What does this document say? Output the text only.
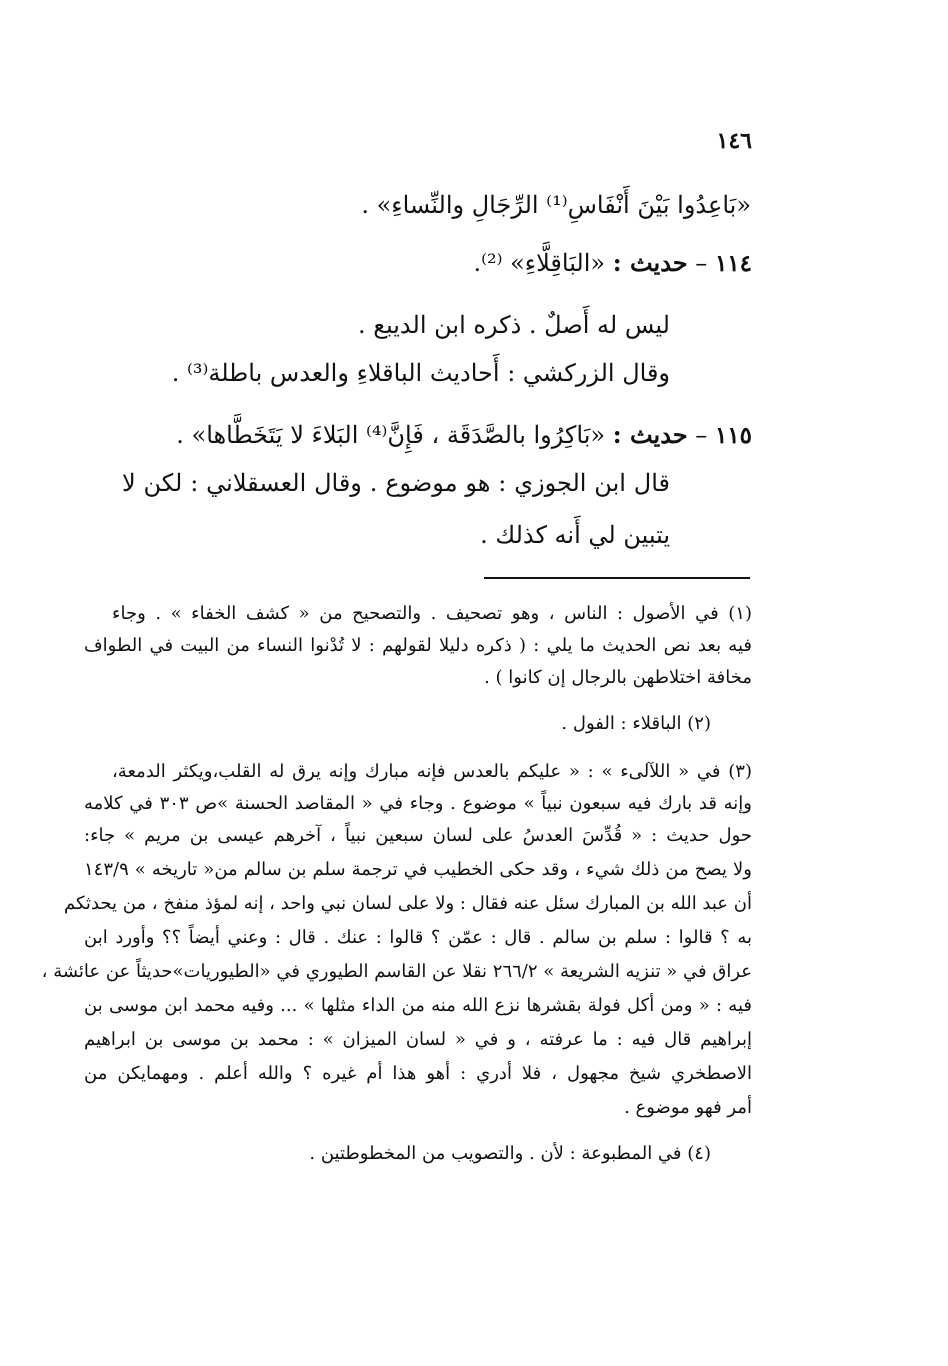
١٤٦
«بَاعِدُوا بَيْنَ أَنْفَاسِ⁽¹⁾ الرِّجَالِ والنِّساءِ» .
١١٤ – حديث : «البَاقِلَّاءِ» ⁽²⁾.
ليس له أَصلٌ . ذكره ابن الديبع .
وقال الزركشي : أَحاديث الباقلاءِ والعدس باطلة⁽³⁾ .
١١٥ – حديث : «بَاكِرُوا بالصَّدَقَة ، فَإِنَّ⁽⁴⁾ البَلاءَ لا يَتَخَطَّاها» .
قال ابن الجوزي : هو موضوع . وقال العسقلاني : لكن لا
يتبين لي أَنه كذلك .
(١) في الأصول : الناس ، وهو تصحيف . والتصحيح من « كشف الخفاء » . وجاء
فيه بعد نص الحديث ما يلي : ( ذكره دليلا لقولهم : لا تُدْنوا النساء من البيت في الطواف
مخافة اختلاطهن بالرجال إن كانوا ) .
(٢) الباقلاء : الفول .
(٣) في « اللآلىء » : « عليكم بالعدس فإنه مبارك وإنه يرق له القلب،ويكثر الدمعة،
وإنه قد بارك فيه سبعون نبياً » موضوع . وجاء في « المقاصد الحسنة »ص ٣٠٣ في كلامه
حول حديث : « قُدِّسَ العدسُ على لسان سبعين نبياً ، آخرهم عيسى بن مريم » جاء:
ولا يصح من ذلك شيء ، وقد حكى الخطيب في ترجمة سلم بن سالم من« تاريخه » ١٤٣/٩
أن عبد الله بن المبارك سئل عنه فقال : ولا على لسان نبي واحد ، إنه لمؤذ منفخ ، من يحدثكم
به ؟ قالوا : سلم بن سالم . قال : عمّن ؟ قالوا : عنك . قال : وعني أيضاً ؟؟ وأورد ابن
عراق في « تنزيه الشريعة » ٢٦٦/٢ نقلا عن القاسم الطيوري في «الطيوريات»حديثاً عن عائشة ،
فيه : « ومن أكل فولة بقشرها نزع الله منه من الداء مثلها » ... وفيه محمد ابن موسى بن
إبراهيم قال فيه : ما عرفته ، و في « لسان الميزان » : محمد بن موسى بن ابراهيم
الاصطخري شيخ مجهول ، فلا أدري : أهو هذا أم غيره ؟ والله أعلم . ومهمايكن من
أمر فهو موضوع .
(٤) في المطبوعة : لأن . والتصويب من المخطوطتين .
